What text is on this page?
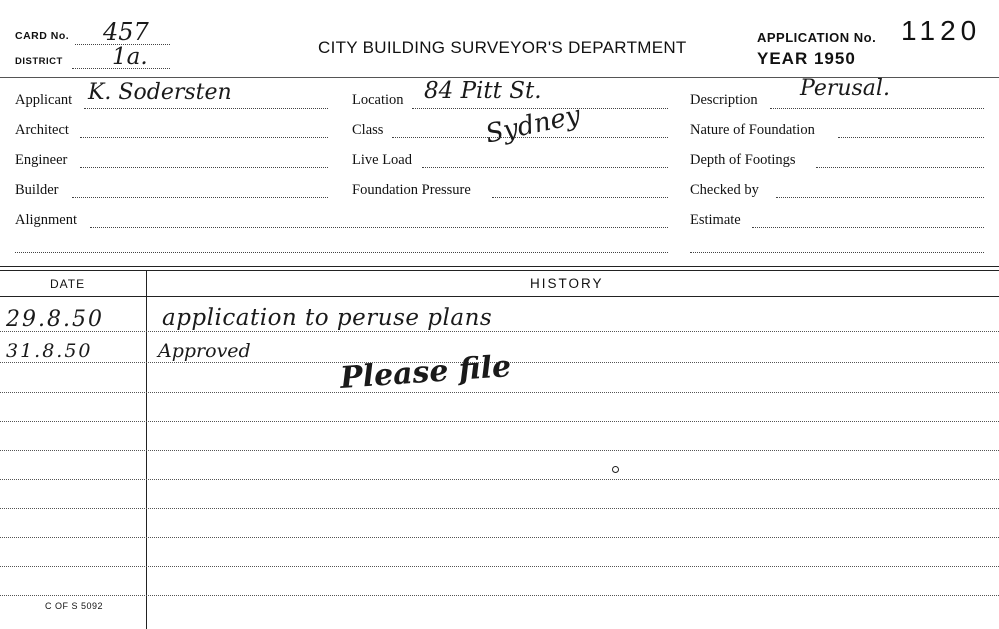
CARD No. 457
DISTRICT 1a.	CITY BUILDING SURVEYOR'S DEPARTMENT
APPLICATION No. 1120
YEAR 1950
Applicant K. Sodersten
Architect
Engineer
Builder
Alignment
Location 84 Pitt St.
Class	Sydney
Live Load
Foundation Pressure
Description Perusal.
Nature of Foundation
Depth of Footings
Checked by
Estimate
DATE	HISTORY
29.8.50	application to peruse plans
31.8.50	Approved	Please file
C OF S 5092
